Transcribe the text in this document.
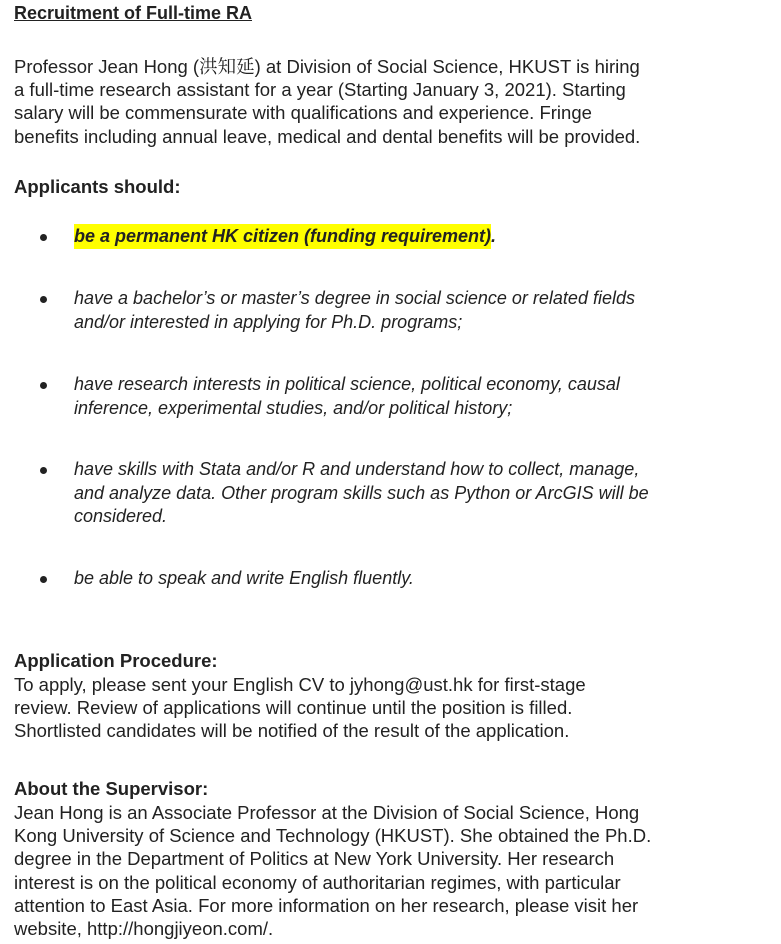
Recruitment of Full-time RA
Professor Jean Hong (洪知延) at Division of Social Science, HKUST is hiring
a full-time research assistant for a year (Starting January 3, 2021). Starting
salary will be commensurate with qualifications and experience. Fringe
benefits including annual leave, medical and dental benefits will be provided.
Applicants should:
be a permanent HK citizen (funding requirement).
have a bachelor’s or master’s degree in social science or related fields
and/or interested in applying for Ph.D. programs;
have research interests in political science, political economy, causal
inference, experimental studies, and/or political history;
have skills with Stata and/or R and understand how to collect, manage,
and analyze data. Other program skills such as Python or ArcGIS will be
considered.
be able to speak and write English fluently.
Application Procedure:
To apply, please sent your English CV to jyhong@ust.hk for first-stage
review. Review of applications will continue until the position is filled.
Shortlisted candidates will be notified of the result of the application.
About the Supervisor:
Jean Hong is an Associate Professor at the Division of Social Science, Hong
Kong University of Science and Technology (HKUST). She obtained the Ph.D.
degree in the Department of Politics at New York University. Her research
interest is on the political economy of authoritarian regimes, with particular
attention to East Asia. For more information on her research, please visit her
website, http://hongjiyeon.com/.
